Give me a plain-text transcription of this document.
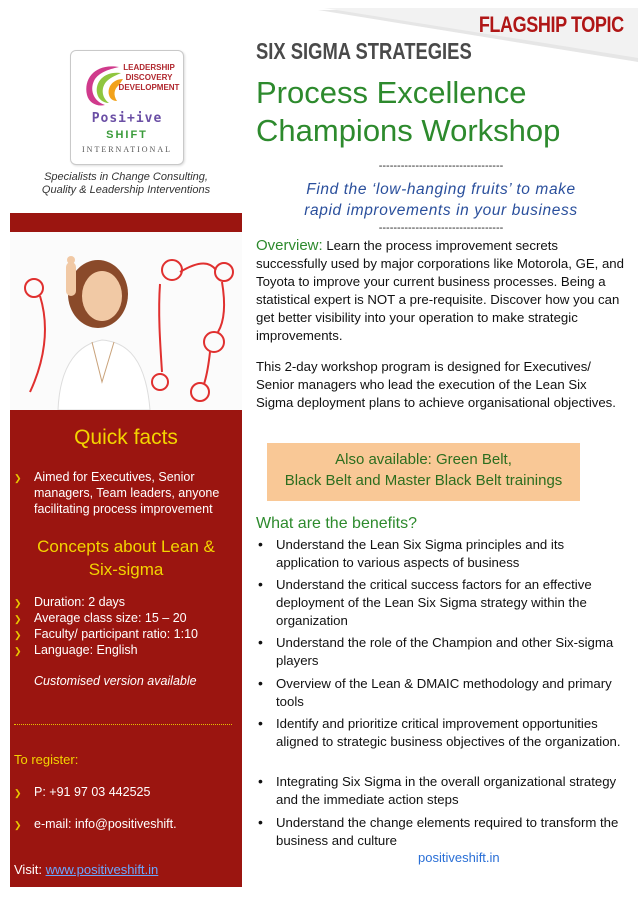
FLAGSHIP TOPIC
LEADERSHIP
DISCOVERY
DEVELOPMENT
Posi+ive
SHIFT
INTERNATIONAL
Specialists in Change Consulting,
Quality & Leadership Interventions
Quick facts
❯ Aimed for Executives, Senior managers, Team leaders, anyone facilitating process improvement
Concepts about Lean &
Six-sigma
❯ Duration: 2 days
❯ Average class size: 15 – 20
❯ Faculty/ participant ratio: 1:10
❯ Language: English
Customised version available
To register:
❯ P: +91 97 03 442525
❯ e-mail: info@positiveshift.
Visit: www.positiveshift.in
SIX SIGMA STRATEGIES
Process Excellence
Champions Workshop
----------------------------------
Find the ‘low-hanging fruits’ to make
rapid improvements in your business
----------------------------------
Overview: Learn the process improvement secrets successfully used by major corporations like Motorola, GE, and Toyota to improve your current business processes. Being a statistical expert is NOT a pre-requisite. Discover how you can get better visibility into your operation to make strategic improvements.
This 2-day workshop program is designed for Executives/ Senior managers who lead the execution of the Lean Six Sigma deployment plans to achieve organisational objectives.
Also available: Green Belt,
Black Belt and Master Black Belt trainings
What are the benefits?
• Understand the Lean Six Sigma principles and its application to various aspects of business
• Understand the critical success factors for an effective deployment of the Lean Six Sigma strategy within the organization
• Understand the role of the Champion and other Six-sigma players
• Overview of the Lean & DMAIC methodology and primary tools
• Identify and prioritize critical improvement opportunities aligned to strategic business objectives of the organization.
• Integrating Six Sigma in the overall organizational strategy and the immediate action steps
• Understand the change elements required to transform the business and culture
positiveshift.in
